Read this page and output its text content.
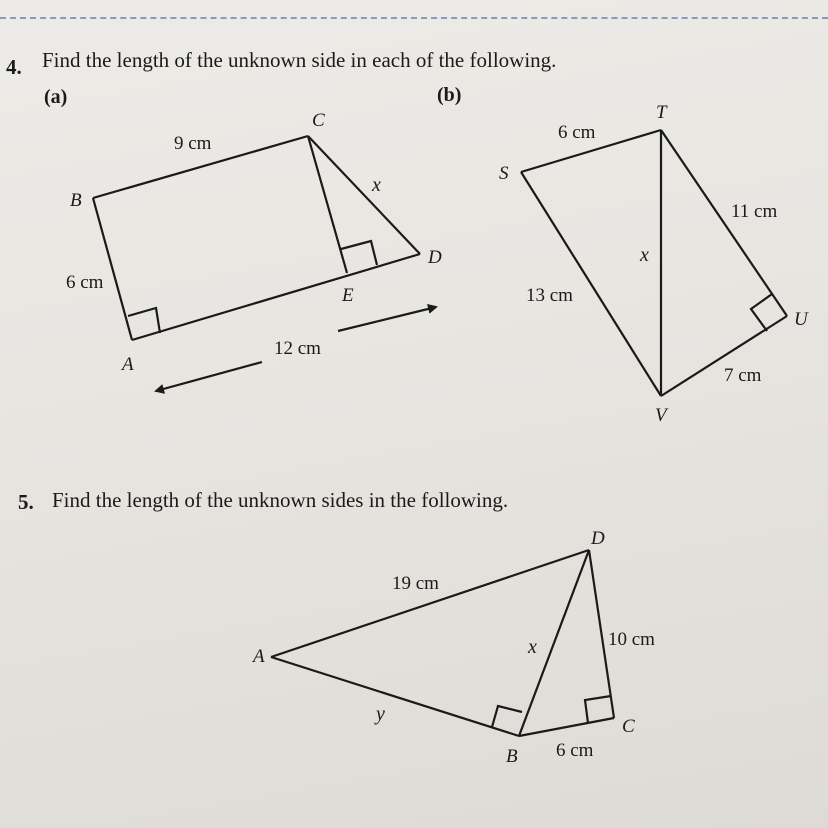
4. Find the length of the unknown side in each of the following.
(a)	(b)
5. Find the length of the unknown sides in the following.
A
B
C
D
E
9 cm
6 cm
12 cm
x
S
T
U
V
6 cm
13 cm
11 cm
7 cm
x
A
B
C
D
19 cm
10 cm
6 cm
x
y
